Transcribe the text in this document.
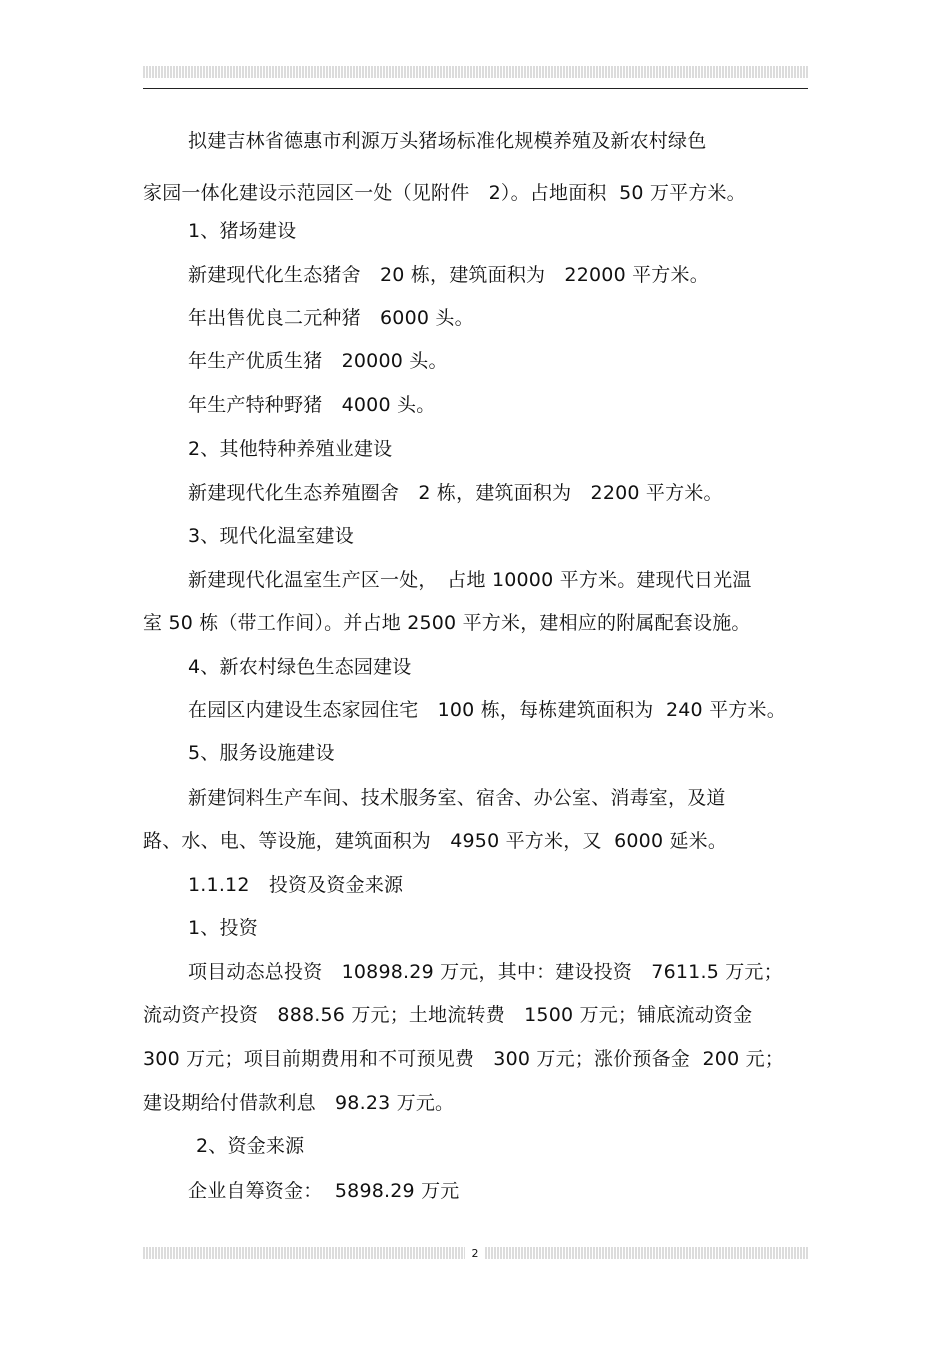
拟建吉林省德惠市利源万头猪场标准化规模养殖及新农村绿色
家园一体化建设示范园区一处（见附件　2）。占地面积  50 万平方米。
1、猪场建设
新建现代化生态猪舍　20 栋，建筑面积为　22000 平方米。
年出售优良二元种猪　6000 头。
年生产优质生猪　20000 头。
年生产特种野猪　4000 头。
2、其他特种养殖业建设
新建现代化生态养殖圈舍　2 栋，建筑面积为　2200 平方米。
3、现代化温室建设
新建现代化温室生产区一处，　占地 10000 平方米。建现代日光温
室 50 栋（带工作间）。并占地 2500 平方米，建相应的附属配套设施。
4、新农村绿色生态园建设
在园区内建设生态家园住宅　100 栋，每栋建筑面积为  240 平方米。
5、服务设施建设
新建饲料生产车间、技术服务室、宿舍、办公室、消毒室，及道
路、水、电、等设施，建筑面积为　4950 平方米，又  6000 延米。
1.1.12　投资及资金来源
1、投资
项目动态总投资　10898.29 万元，其中：建设投资　7611.5 万元；
流动资产投资　888.56 万元；土地流转费　1500 万元；铺底流动资金
300 万元；项目前期费用和不可预见费　300 万元；涨价预备金  200 元；
建设期给付借款利息　98.23 万元。
2、资金来源
企业自筹资金：  5898.29 万元
2
